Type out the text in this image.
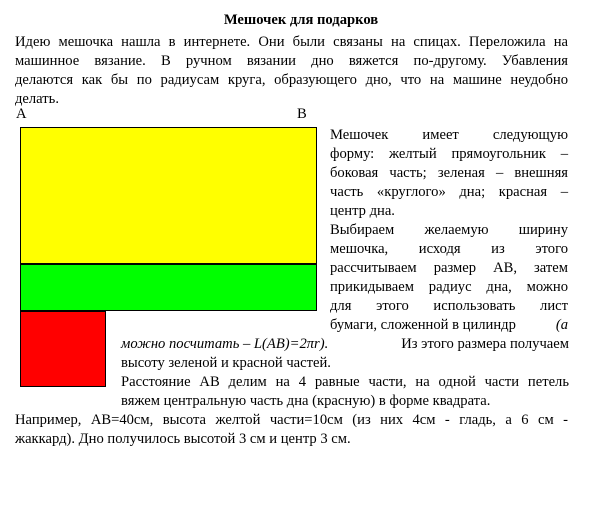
Мешочек для подарков
Идею мешочка нашла в интернете. Они были связаны на спицах. Переложила на
машинное вязание. В ручном вязании дно вяжется по-другому. Убавления
делаются как бы по радиусам круга, образующего дно, что на машине неудобно
делать.
A	B
Мешочек имеет следующую
форму: желтый прямоугольник –
боковая часть; зеленая – внешняя
часть «круглого» дна; красная –
центр дна.
Выбираем желаемую ширину
мешочка, исходя из этого
рассчитываем размер АВ, затем
прикидываем радиус дна, можно
для этого использовать лист
бумаги, сложенной в цилиндр	(а
можно посчитать – L(AB)=2πr).	Из этого размера получаем
высоту зеленой и красной частей.
Расстояние АВ делим на 4 равные части, на одной части петель
вяжем центральную часть дна (красную) в форме квадрата.
Например, АВ=40см, высота желтой части=10см (из них 4см - гладь, а 6 см -
жаккард). Дно получилось высотой 3 см и центр 3 см.
